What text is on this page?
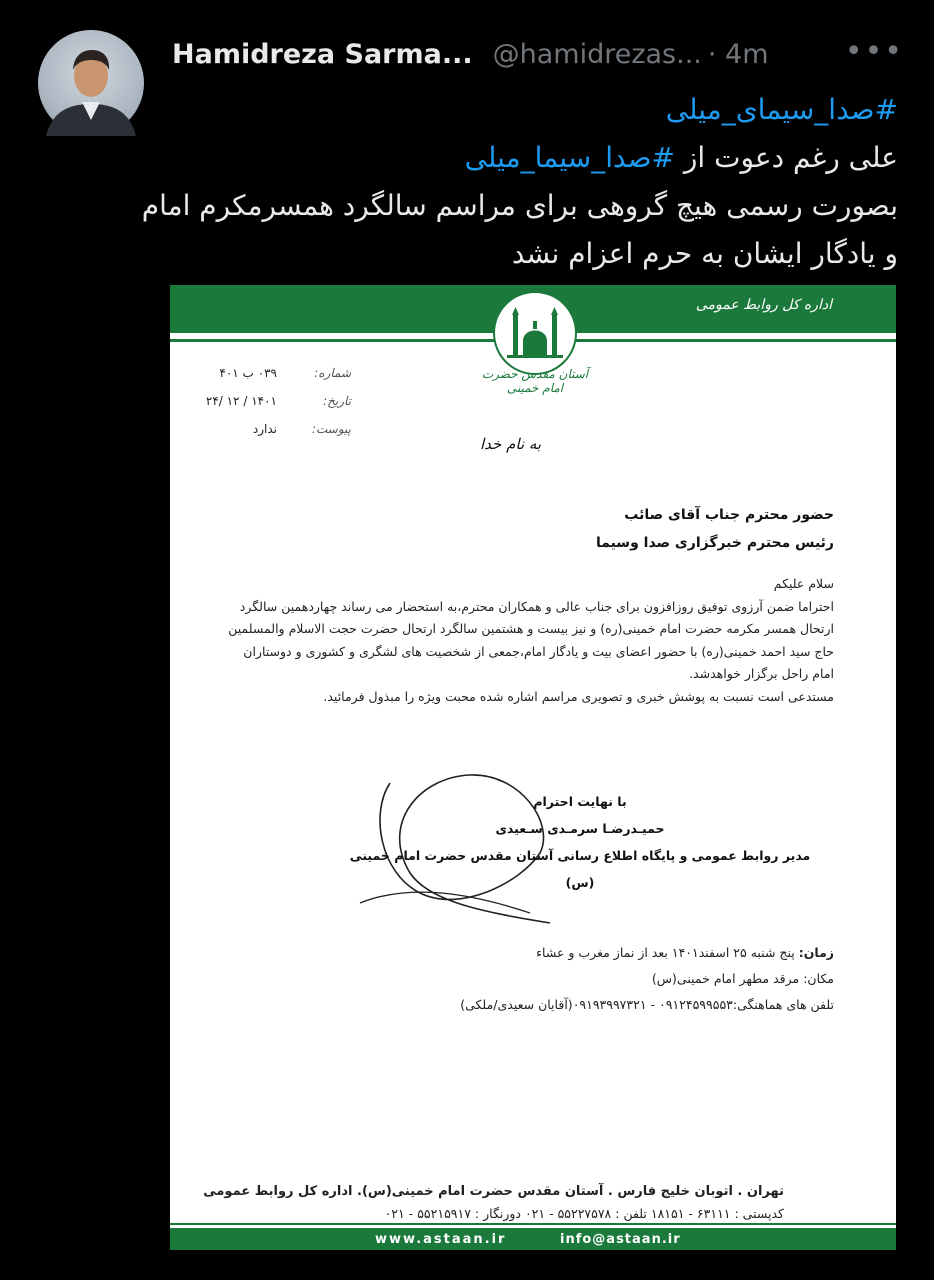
Hamidreza Sarma... @hamidrezas... · 4m	•••
#صدا_سیمای_میلی
علی رغم دعوت از #صدا_سیما_میلی
بصورت رسمی هیچ گروهی برای مراسم سالگرد همسرمکرم امام
و یادگار ایشان به حرم اعزام نشد
اداره کل روابط عمومی
آستان مقدس حضرت امام خمینی
شماره:
۰۳۹ ب ۴۰۱
تاریخ:
۱۴۰۱ / ۱۲ /۲۴
پیوست:
ندارد
به نام خدا
حضور محترم جناب آقای صائب
رئیس محترم خبرگزاری صدا وسیما
سلام علیکم
احتراما ضمن آرزوی توفیق روزافزون برای جناب عالی و همکاران محترم،به استحضار می رساند چهاردهمین سالگرد
ارتحال همسر مکرمه حضرت امام خمینی(ره) و نیز بیست و هشتمین سالگرد ارتحال حضرت حجت الاسلام والمسلمین
حاج سید احمد خمینی(ره) با حضور اعضای بیت و یادگار امام،جمعی از شخصیت های لشگری و کشوری و دوستاران
امام راحل برگزار خواهدشد.
مستدعی است نسبت به پوشش خبری و تصویری مراسم اشاره شده محبت ویژه را مبذول فرمائید.
با نهایت احترام
حمیـدرضـا سرمـدی سـعیدی
مدیر روابط عمومی و پایگاه اطلاع رسانی آستان مقدس حضرت امام خمینی (س)
زمان: پنج شنبه ۲۵ اسفند۱۴۰۱ بعد از نماز مغرب و عشاء
مکان: مرقد مطهر امام خمینی(س)
تلفن های هماهنگی:۰۹۱۲۴۵۹۹۵۵۳ - ۰۹۱۹۳۹۹۷۳۲۱(آقایان سعیدی/ملکی)
تهران . اتوبان خلیج فارس . آستان مقدس حضرت امام خمینی(س). اداره کل روابط عمومی
کدپستی : ۶۳۱۱۱ - ۱۸۱۵۱ تلفن : ۵۵۲۲۷۵۷۸ - ۰۲۱ دورنگار : ۵۵۲۱۵۹۱۷ - ۰۲۱
www.astaan.ir	info@astaan.ir
